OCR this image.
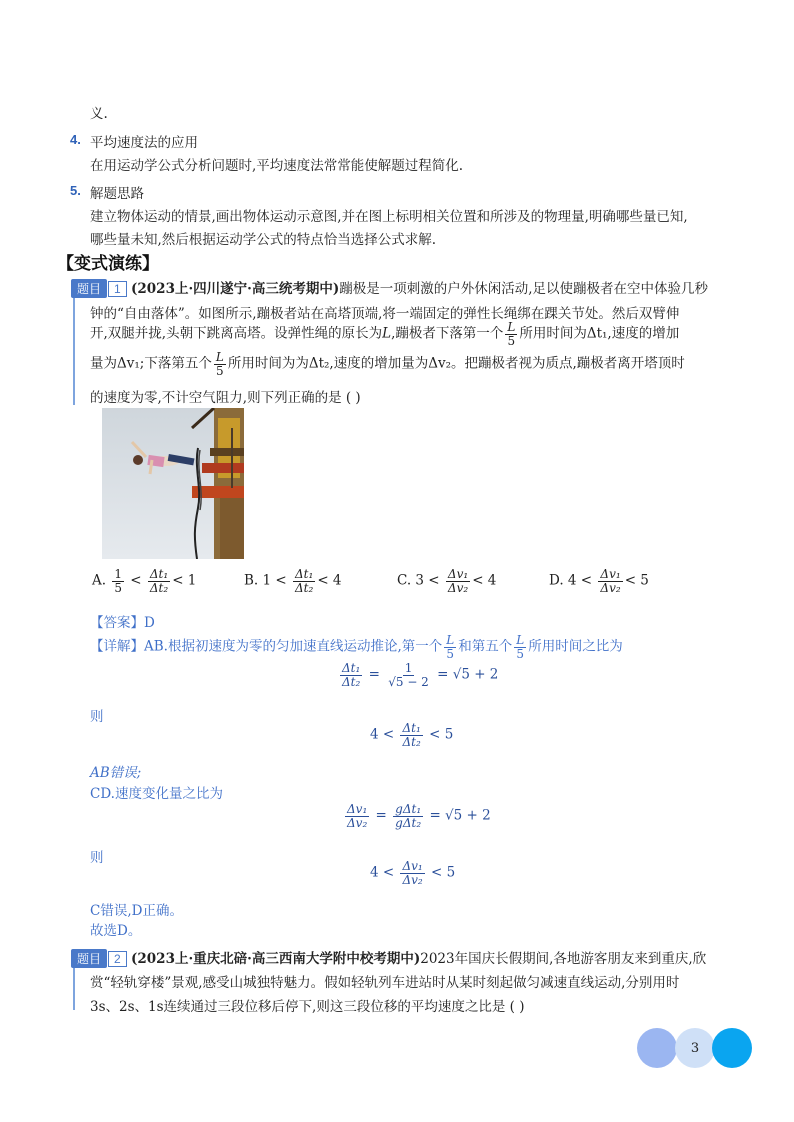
义.
4. 平均速度法的应用
在用运动学公式分析问题时,平均速度法常常能使解题过程简化.
5. 解题思路
建立物体运动的情景,画出物体运动示意图,并在图上标明相关位置和所涉及的物理量,明确哪些量已知,
哪些量未知,然后根据运动学公式的特点恰当选择公式求解.
【变式演练】
题目 1 (2023上·四川遂宁·高三统考期中)蹦极是一项刺激的户外休闲活动,足以使蹦极者在空中体验几秒
钟的“自由落体”。如图所示,蹦极者站在高塔顶端,将一端固定的弹性长绳绑在踝关节处。然后双臂伸
开,双腿并拢,头朝下跳离高塔。设弹性绳的原长为L,蹦极者下落第一个 $\frac{L}{5}$ 所用时间为Δt₁,速度的增加
量为Δv₁;下落第五个 $\frac{L}{5}$ 所用时间为为Δt₂,速度的增加量为Δv₂。把蹦极者视为质点,蹦极者离开塔顶时
的速度为零,不计空气阻力,则下列正确的是 ( )
A. $\frac{1}{5} < \frac{\text{Δt₁}}{\text{Δt₂}} < 1$	B. $1 < \frac{\text{Δt₁}}{\text{Δt₂}} < 4$	C. $3 < \frac{\text{Δv₁}}{\text{Δv₂}} < 4$	D. $4 < \frac{\text{Δv₁}}{\text{Δv₂}} < 5$
【答案】D
【详解】AB.根据初速度为零的匀加速直线运动推论,第一个 $\frac{L}{5}$ 和第五个 $\frac{L}{5}$ 所用时间之比为
$\frac{\text{Δt₁}}{\text{Δt₂}} = \frac{1}{√5 - 2} = √5 + 2$
则
$4 < \frac{\text{Δt₁}}{\text{Δt₂}} < 5$
AB错误;
CD.速度变化量之比为
$\frac{\text{Δv₁}}{\text{Δv₂}} = \frac{\text{gΔt₁}}{\text{gΔt₂}} = √5 + 2$
则
$4 < \frac{\text{Δv₁}}{\text{Δv₂}} < 5$
C错误,D正确。
故选D。
题目 2 (2023上·重庆北碚·高三西南大学附中校考期中)2023年国庆长假期间,各地游客朋友来到重庆,欣
赏“轻轨穿楼”景观,感受山城独特魅力。假如轻轨列车进站时从某时刻起做匀减速直线运动,分别用时
3s、2s、1s连续通过三段位移后停下,则这三段位移的平均速度之比是 ( )
3
